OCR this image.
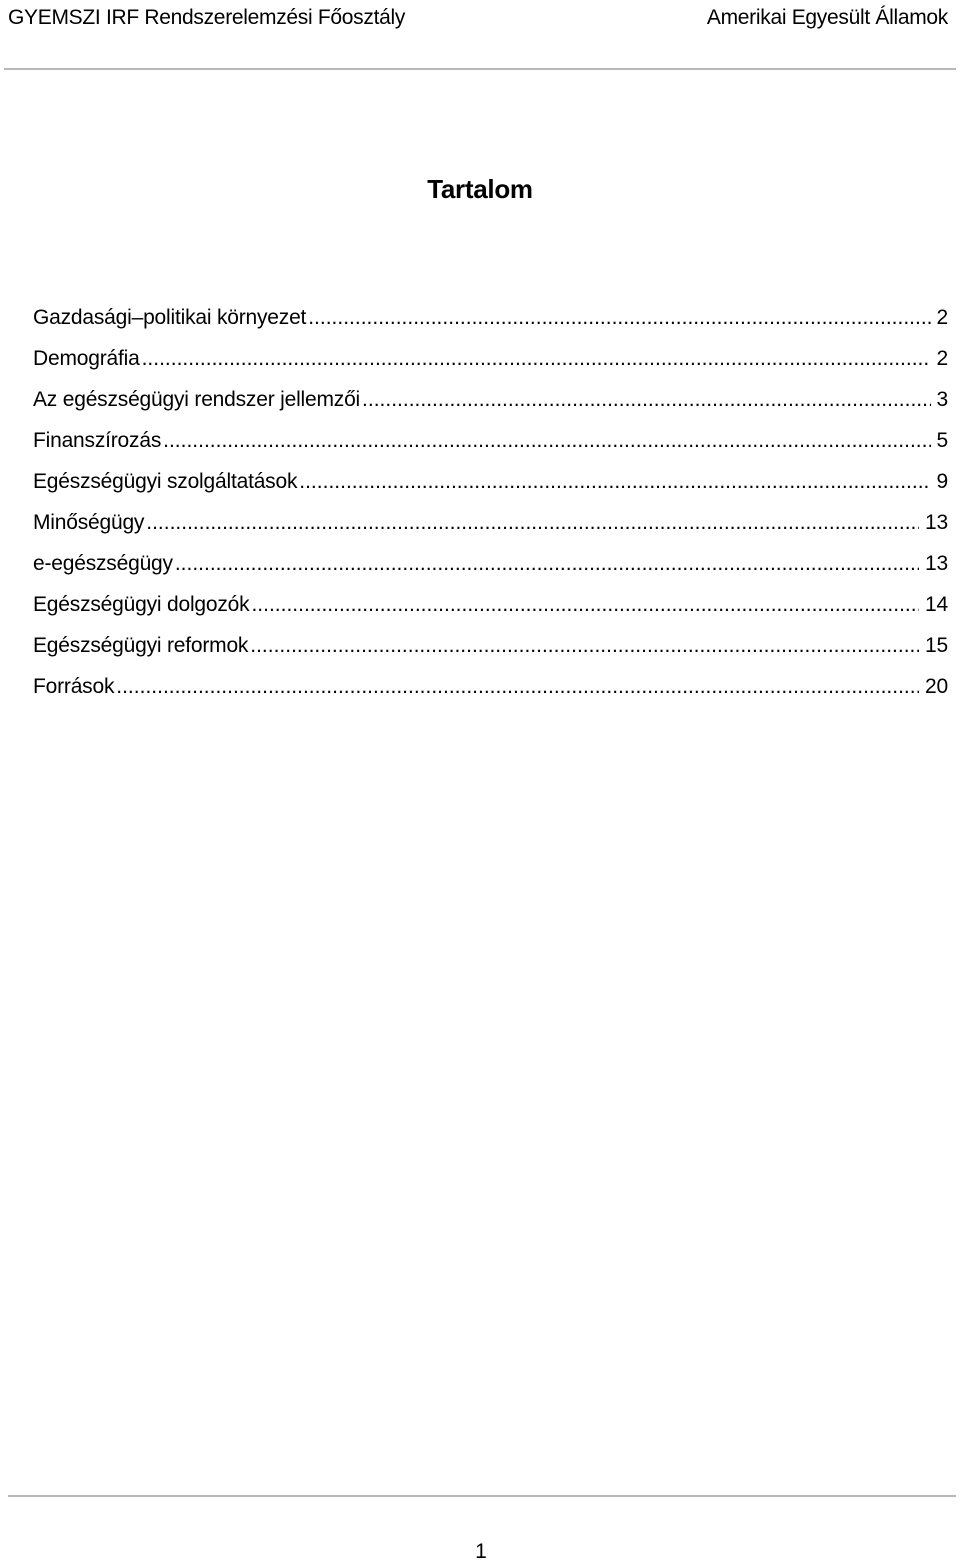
GYEMSZI IRF Rendszerelemzési Főosztály	Amerikai Egyesült Államok
Tartalom
Gazdasági–politikai környezet .....	2
Demográfia .....	2
Az egészségügyi rendszer jellemzői .....	3
Finanszírozás .....	5
Egészségügyi szolgáltatások .....	9
Minőségügy .....	13
e-egészségügy .....	13
Egészségügyi dolgozók .....	14
Egészségügyi reformok .....	15
Források .....	20
1
